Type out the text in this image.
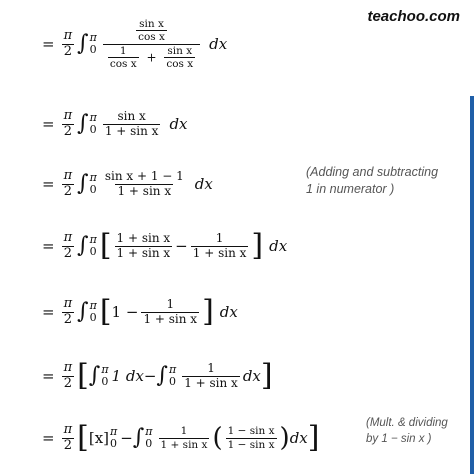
teachoo.com
= $\frac{\pi}{2}$ ∫ π
$0 \frac{\frac{\text{sin x}}{\text{cos x}}}{\frac{1}{\text{cos x}} + \frac{\text{sin x}}{\text{cos x}}}$ dx
= $\frac{\pi}{2}$ ∫ π
$0 \frac{\text{sin x}}{\text{1 + sin x}}$ dx
= $\frac{\pi}{2}$ ∫ π
$0 \frac{\text{sin x + 1 − 1}}{\text{1 + sin x}}$ dx
(Adding and subtracting
1 in numerator )
= $\frac{\pi}{2}$ ∫ π
0 [ $\frac{\text{1 + sin x}}{\text{1 + sin x}} - \frac{1}{\text{1 + sin x}}$ ] dx
= $\frac{\pi}{2}$ ∫ π
0 [ 1
− $\frac{1}{\text{1 + sin x}}$ ] dx
= $\frac{\pi}{2}$ [ ∫ π
0 1 dx − ∫ π
$0 \frac{1}{\text{1 + sin x}}$ dx ]
= $\frac{\pi}{2}$ [ [x] π
0 − ∫ π
$0 \frac{1}{\text{1 + sin x}}$ ( $\frac{\text{1 − sin x}}{\text{1 − sin x}}$ ) dx ]	(Mult. & dividing
by 1 − sin x )
